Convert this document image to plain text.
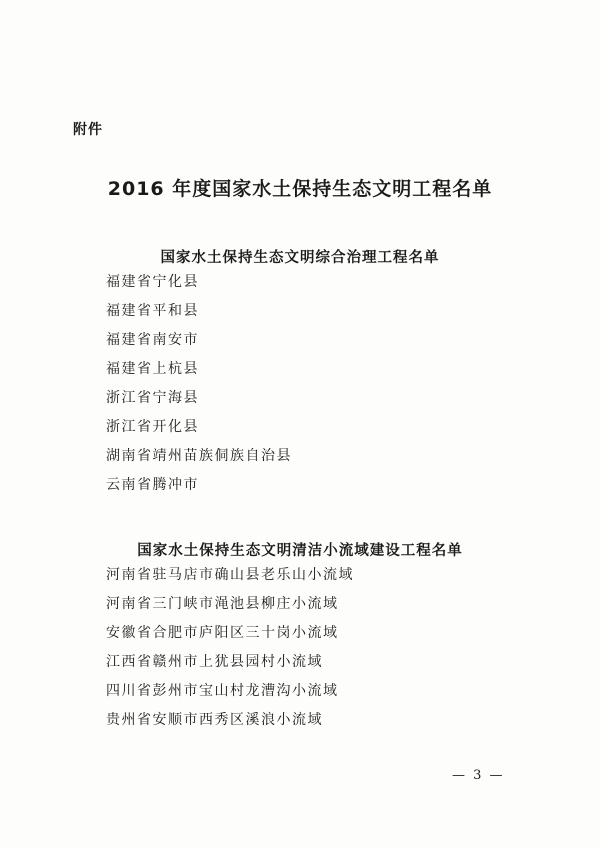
附件
2016 年度国家水土保持生态文明工程名单
国家水土保持生态文明综合治理工程名单
福建省宁化县
福建省平和县
福建省南安市
福建省上杭县
浙江省宁海县
浙江省开化县
湖南省靖州苗族侗族自治县
云南省腾冲市
国家水土保持生态文明清洁小流域建设工程名单
河南省驻马店市确山县老乐山小流域
河南省三门峡市渑池县柳庄小流域
安徽省合肥市庐阳区三十岗小流域
江西省赣州市上犹县园村小流域
四川省彭州市宝山村龙漕沟小流域
贵州省安顺市西秀区溪浪小流域
— 3 —
